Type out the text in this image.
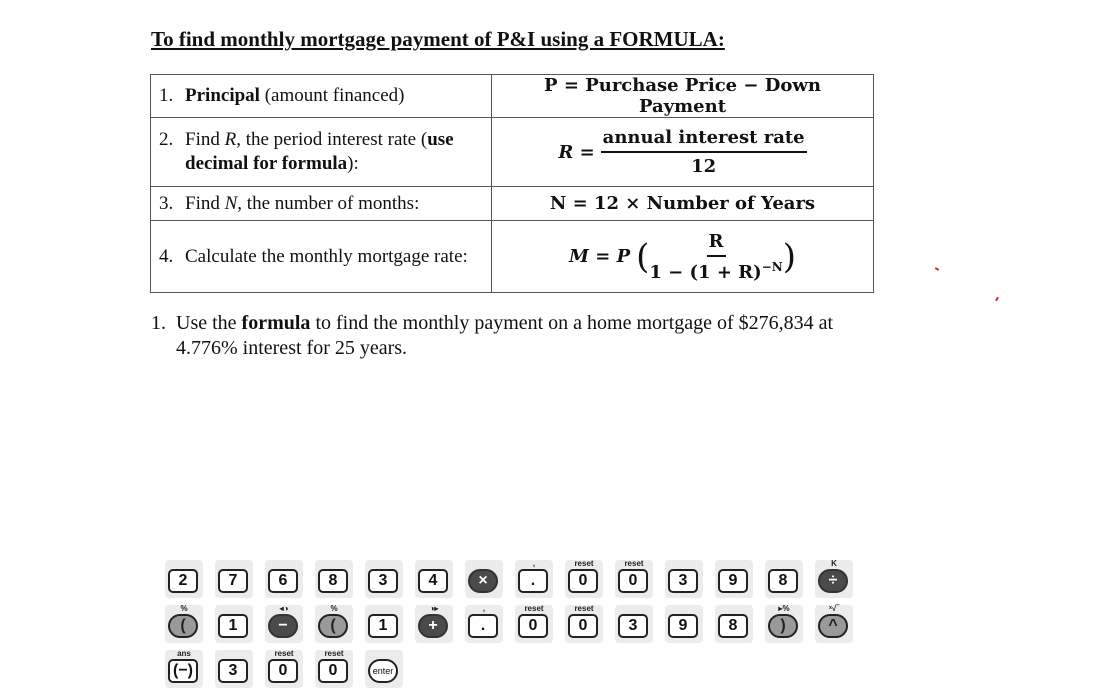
To find monthly mortgage payment of P&I using a FORMULA:
1. Principal (amount financed)	P = Purchase Price − Down Payment

2. Find R, the period interest rate (use decimal for formula):	R =
annual interest rate
12

3. Find N, the number of months:	N = 12 × Number of Years

4. Calculate the monthly mortgage rate:	M = P ( $\frac{R}{1 - (1 + R)^{-N}}$ )
1. Use the formula to find the monthly payment on a home mortgage of $276,834 at 4.776% interest for 25 years.
2	7	6	8	3	4	×
,
.
reset
0
reset
0	3	9	8
K
÷
%
(	1
◂◑
−
%
(	1
◑▸
+
,
.
reset
0
reset
0	3	9	8
▸%
)
ˣ√‾
^
ans
(−)	3
reset
0
reset
0	enter
